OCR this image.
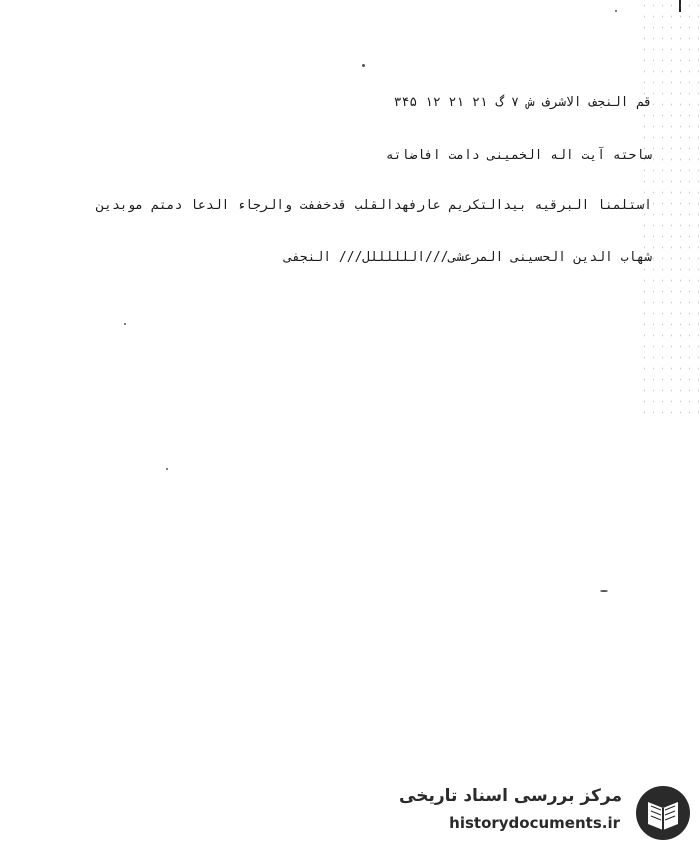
قم النجف الاشرف ش ۷ گ ۲۱ ۲۱ ۱۲ ۳۴۵
ساحته آیت اله الخمینی دامت افاضاته
استلمنا البرقیه بیدالتکریم عارفهدالقلب قدخففت والرجاء الدعا دمتم موبدین
شهاب الدین الحسینی المرعشی///اللللللل/// النجفی
مرکز بررسی اسناد تاریخی
historydocuments.ir
